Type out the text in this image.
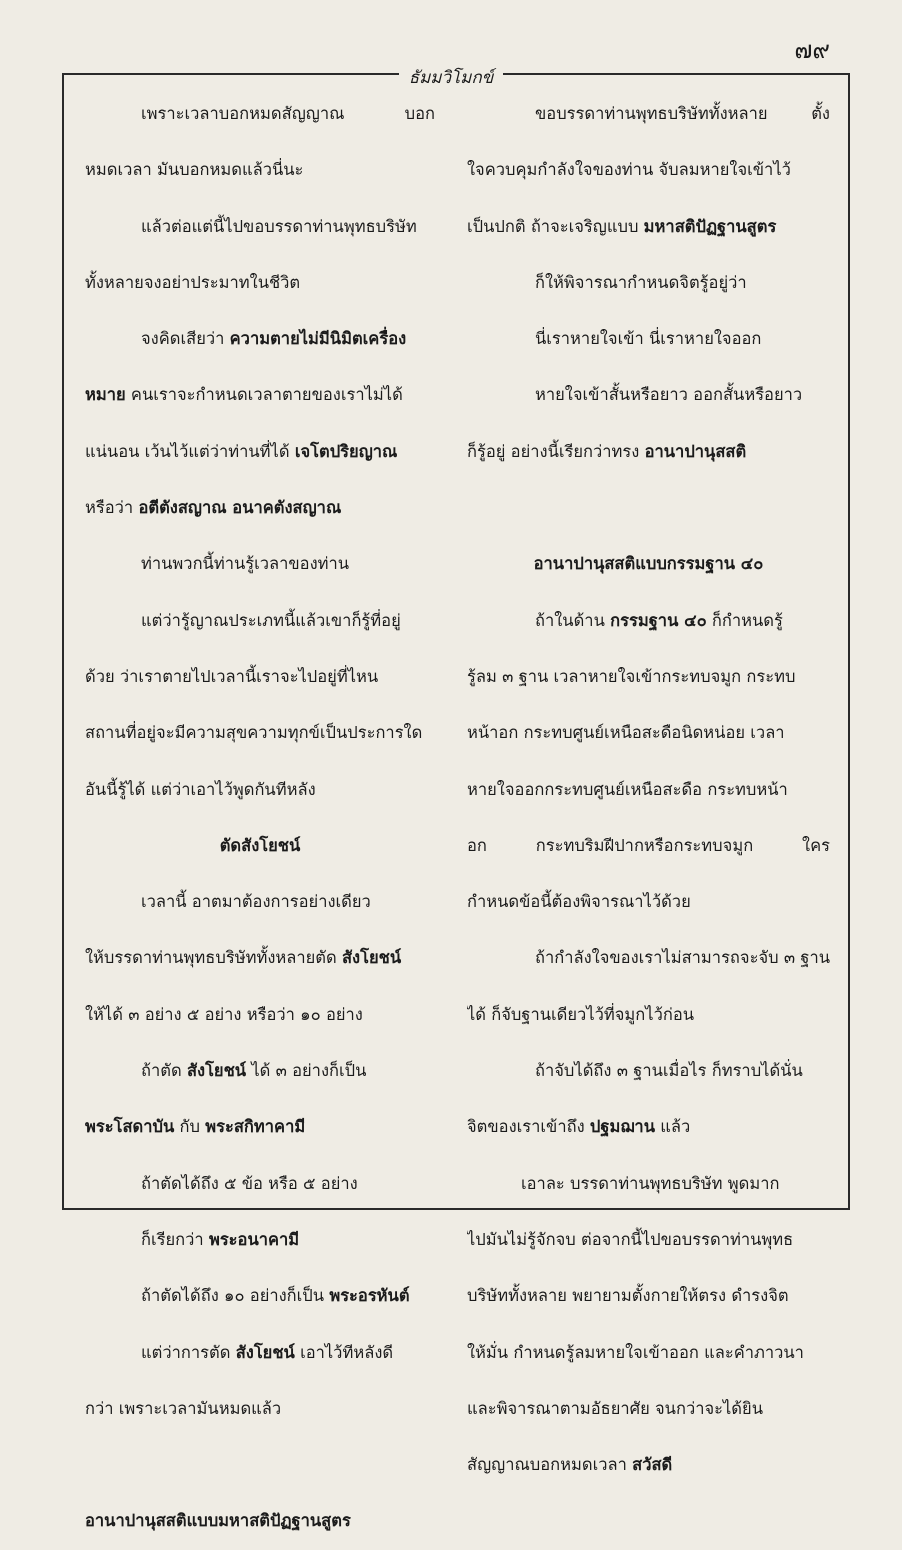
๗๙
ธัมมวิโมกข์
เพราะเวลาบอกหมดสัญญาณ	บอก
หมดเวลา มันบอกหมดแล้วนี่นะ
แล้วต่อแต่นี้ไปขอบรรดาท่านพุทธบริษัท
ทั้งหลายจงอย่าประมาทในชีวิต
จงคิดเสียว่า ความตายไม่มีนิมิตเครื่อง
หมาย คนเราจะกำหนดเวลาตายของเราไม่ได้
แน่นอน เว้นไว้แต่ว่าท่านที่ได้ เจโตปริยญาณ
หรือว่า อตีตังสญาณ อนาคตังสญาณ
ท่านพวกนี้ท่านรู้เวลาของท่าน
แต่ว่ารู้ญาณประเภทนี้แล้วเขาก็รู้ที่อยู่
ด้วย ว่าเราตายไปเวลานี้เราจะไปอยู่ที่ไหน
สถานที่อยู่จะมีความสุขความทุกข์เป็นประการใด
อันนี้รู้ได้ แต่ว่าเอาไว้พูดกันทีหลัง
ตัดสังโยชน์
เวลานี้ อาตมาต้องการอย่างเดียว
ให้บรรดาท่านพุทธบริษัททั้งหลายตัด สังโยชน์
ให้ได้ ๓ อย่าง ๕ อย่าง หรือว่า ๑๐ อย่าง
ถ้าตัด สังโยชน์ ได้ ๓ อย่างก็เป็น
พระโสดาบัน กับ พระสกิทาคามี
ถ้าตัดได้ถึง ๕ ข้อ หรือ ๕ อย่าง
ก็เรียกว่า พระอนาคามี
ถ้าตัดได้ถึง ๑๐ อย่างก็เป็น พระอรหันต์
แต่ว่าการตัด สังโยชน์ เอาไว้ทีหลังดี
กว่า เพราะเวลามันหมดแล้ว
อานาปานุสสติแบบมหาสติปัฏฐานสูตร
ขอบรรดาท่านพุทธบริษัททั้งหลาย	ตั้ง
ใจควบคุมกำลังใจของท่าน จับลมหายใจเข้าไว้
เป็นปกติ ถ้าจะเจริญแบบ มหาสติปัฏฐานสูตร
ก็ให้พิจารณากำหนดจิตรู้อยู่ว่า
นี่เราหายใจเข้า นี่เราหายใจออก
หายใจเข้าสั้นหรือยาว ออกสั้นหรือยาว
ก็รู้อยู่ อย่างนี้เรียกว่าทรง อานาปานุสสติ
อานาปานุสสติแบบกรรมฐาน ๔๐
ถ้าในด้าน กรรมฐาน ๔๐ ก็กำหนดรู้
รู้ลม ๓ ฐาน เวลาหายใจเข้ากระทบจมูก กระทบ
หน้าอก กระทบศูนย์เหนือสะดือนิดหน่อย เวลา
หายใจออกกระทบศูนย์เหนือสะดือ กระทบหน้า
อก	กระทบริมฝีปากหรือกระทบจมูก	ใคร
กำหนดข้อนี้ต้องพิจารณาไว้ด้วย
ถ้ากำลังใจของเราไม่สามารถจะจับ ๓ ฐาน
ได้ ก็จับฐานเดียวไว้ที่จมูกไว้ก่อน
ถ้าจับได้ถึง ๓ ฐานเมื่อไร ก็ทราบได้นั่น
จิตของเราเข้าถึง ปฐมฌาน แล้ว
เอาละ บรรดาท่านพุทธบริษัท พูดมาก
ไปมันไม่รู้จักจบ ต่อจากนี้ไปขอบรรดาท่านพุทธ
บริษัททั้งหลาย พยายามตั้งกายให้ตรง ดำรงจิต
ให้มั่น กำหนดรู้ลมหายใจเข้าออก และคำภาวนา
และพิจารณาตามอัธยาศัย จนกว่าจะได้ยิน
สัญญาณบอกหมดเวลา สวัสดี
